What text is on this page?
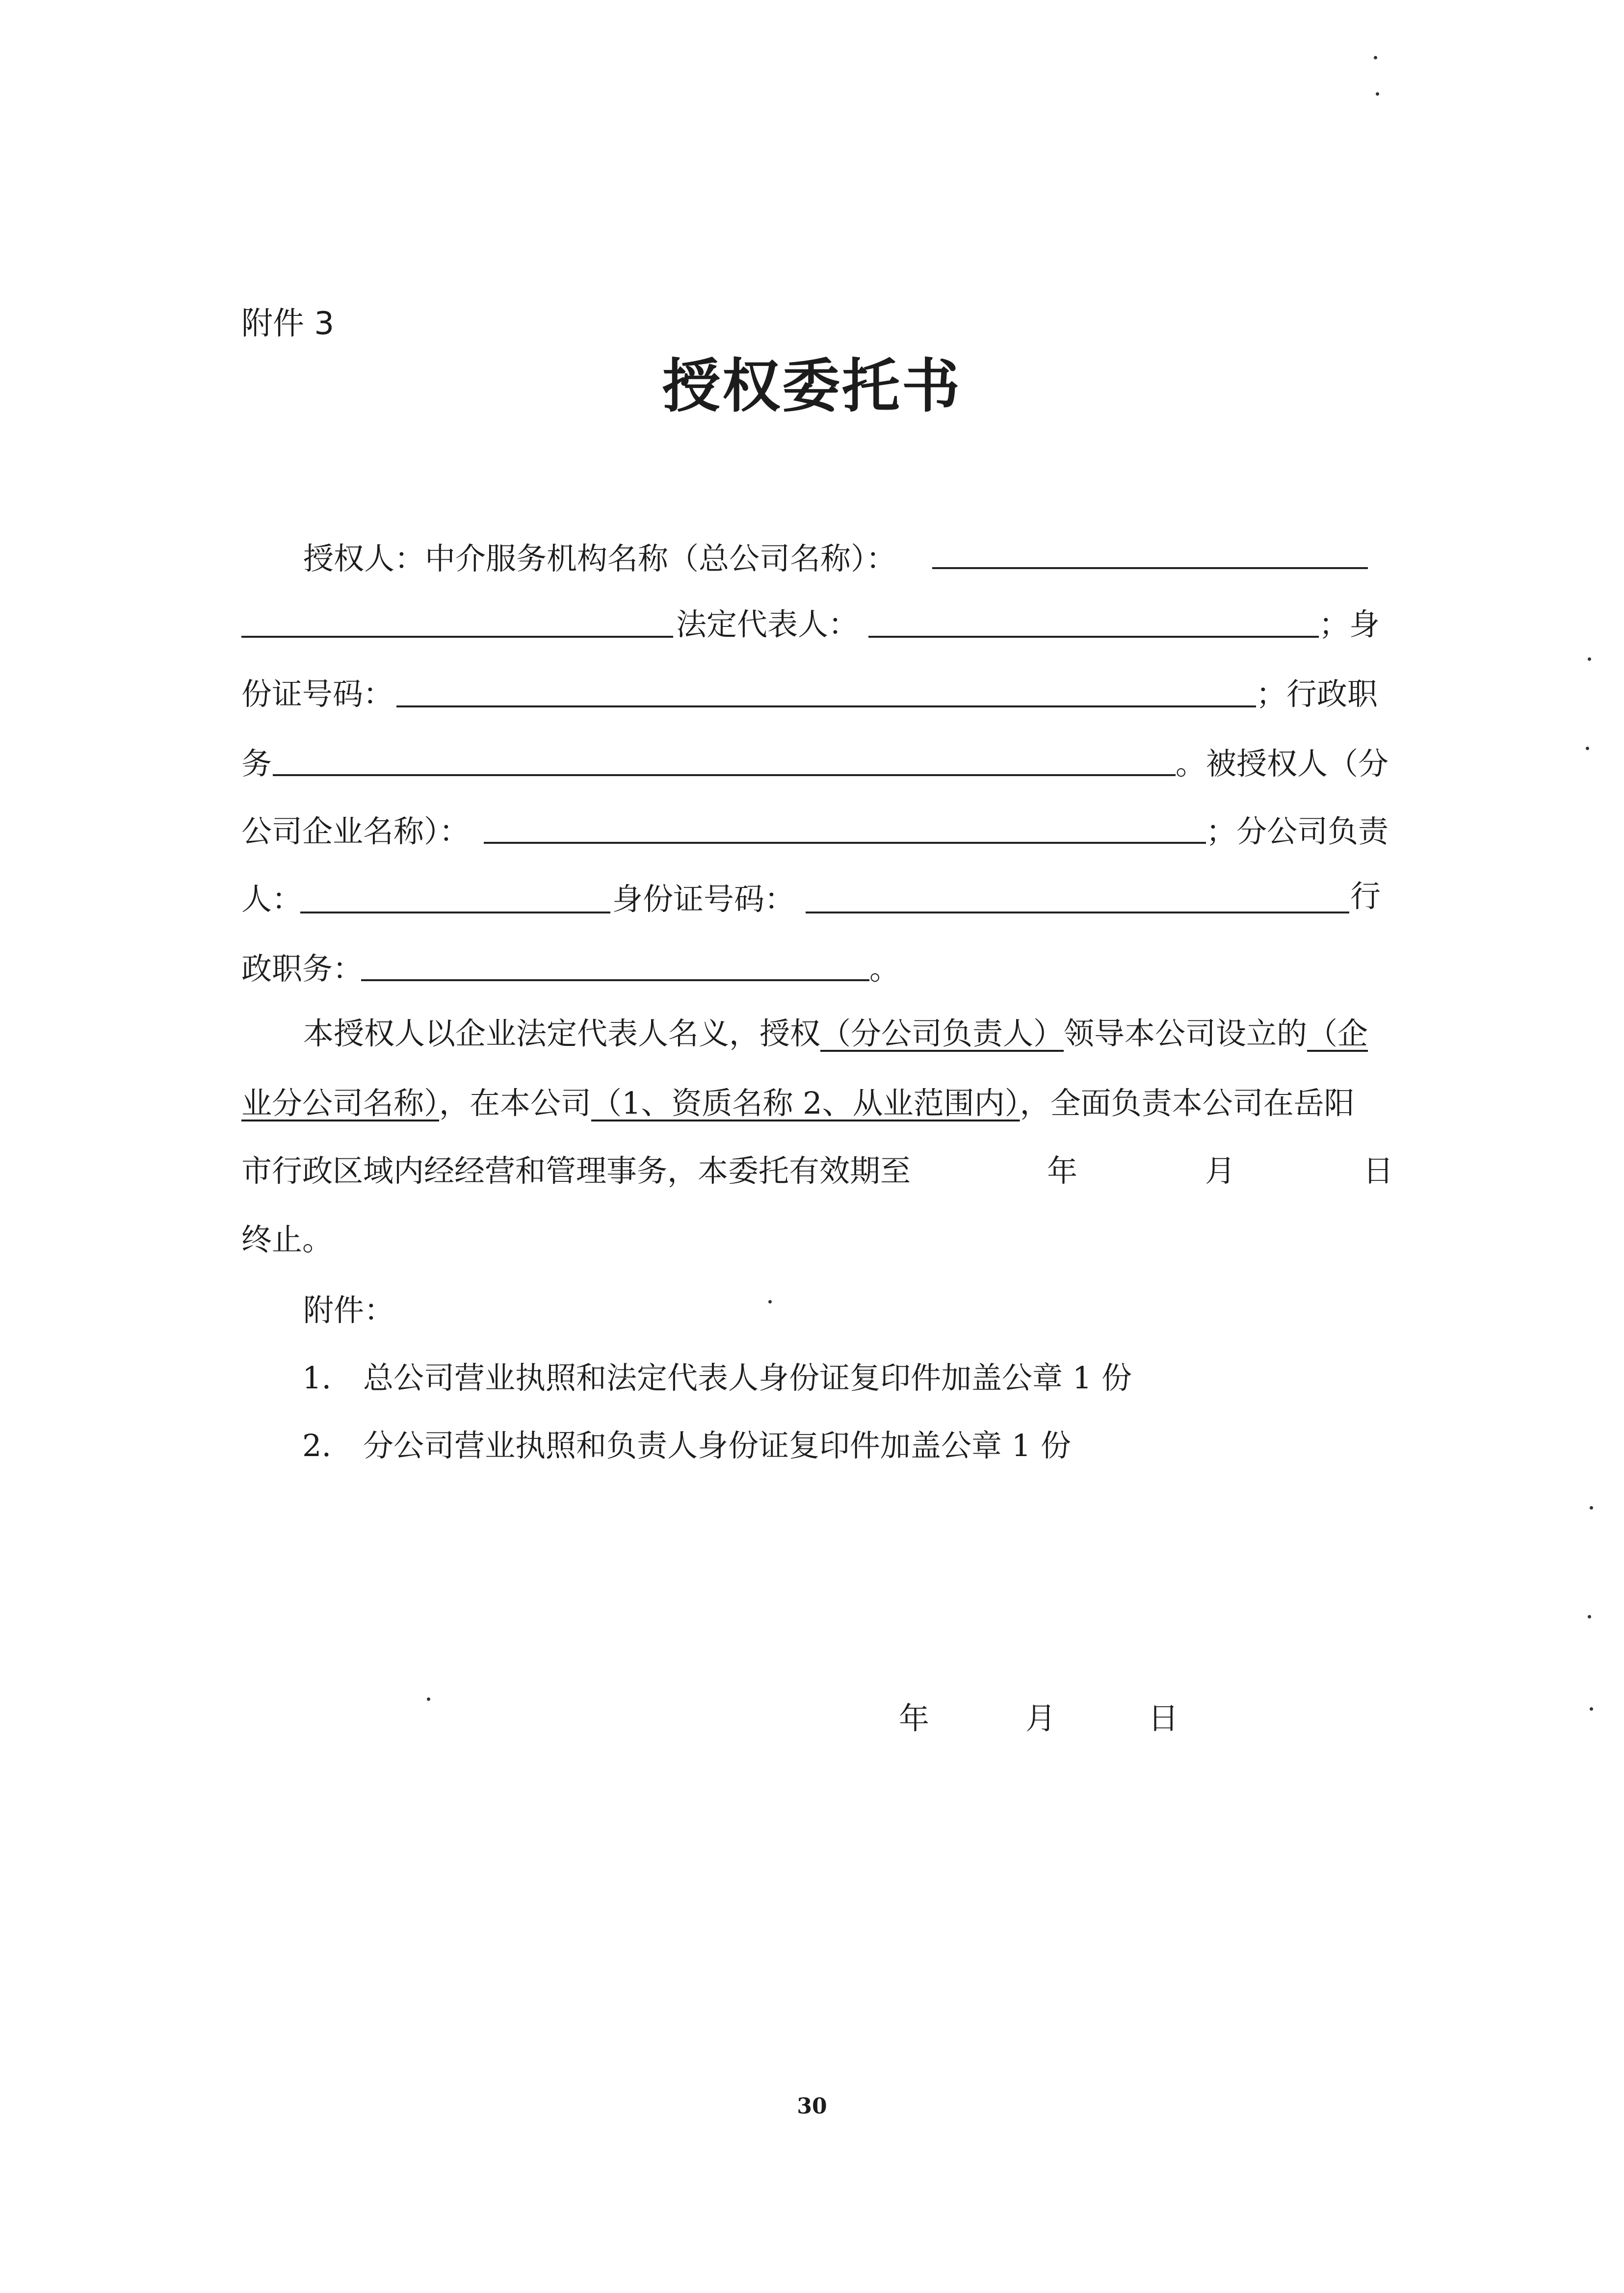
附件 3
授权委托书
授权人：中介服务机构名称（总公司名称）：
法定代表人：	；身
份证号码：	；行政职
务	。被授权人（分
公司企业名称）：	；分公司负责
人：	身份证号码：	行
政职务：	。
本授权人以企业法定代表人名义，授权（分公司负责人）领导本公司设立的（企
业分公司名称），在本公司（1、资质名称 2、从业范围内），全面负责本公司在岳阳
市行政区域内经经营和管理事务，本委托有效期至	年	月	日
终止。
附件：
1. 总公司营业执照和法定代表人身份证复印件加盖公章 1 份
2. 分公司营业执照和负责人身份证复印件加盖公章 1 份
年	月	日
30
